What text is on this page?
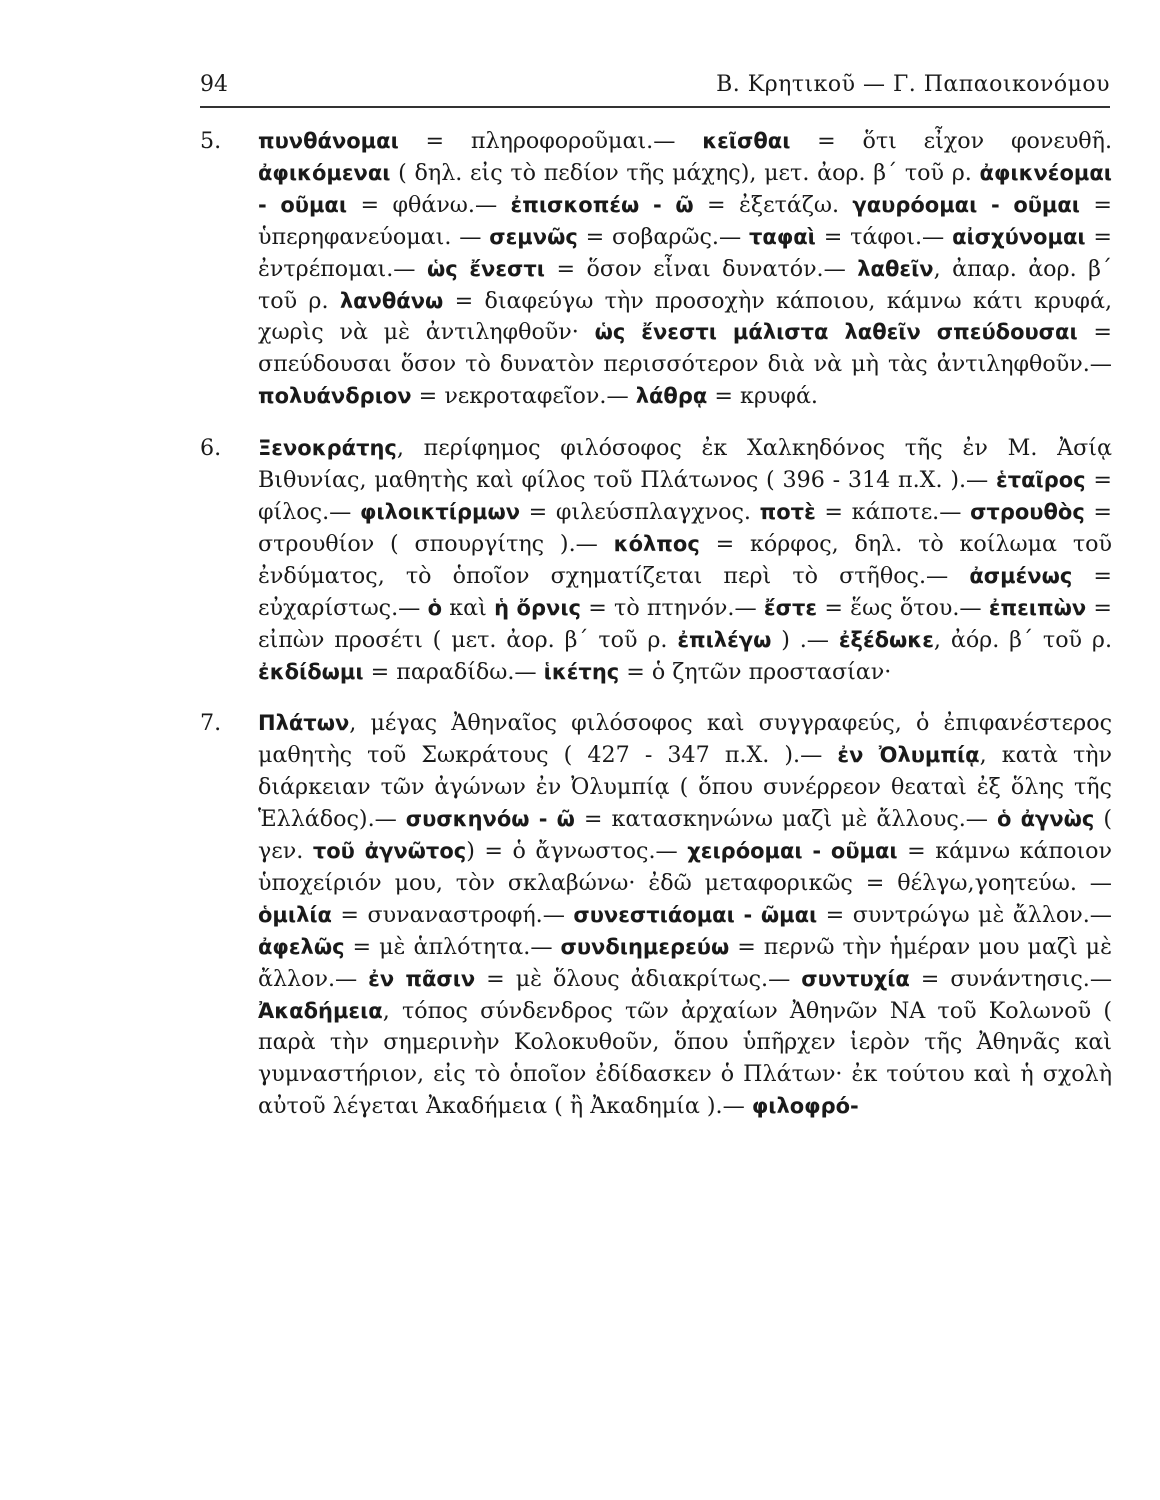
94	Β. Κρητικοῦ — Γ. Παπαοικονόμου
5.	πυνθάνομαι = πληροφοροῦμαι.— κεῖσθαι = ὅτι εἶχον φονευθῆ. ἀφικόμεναι ( δηλ. εἰς τὸ πεδίον τῆς μάχης), μετ. ἀορ. β΄ τοῦ ρ. ἀφικνέομαι - οῦμαι = φθάνω.— ἐπισκοπέω - ῶ = ἐξετάζω. γαυρόομαι - οῦμαι = ὑπερηφανεύομαι. — σεμνῶς = σοβαρῶς.— ταφαὶ = τάφοι.— αἰσχύνομαι = ἐντρέπομαι.— ὡς ἔνεστι = ὅσον εἶναι δυνατόν.— λαθεῖν, ἀπαρ. ἀορ. β΄ τοῦ ρ. λανθάνω = διαφεύγω τὴν προσοχὴν κάποιου, κάμνω κάτι κρυφά, χωρὶς νὰ μὲ ἀντιληφθοῦν· ὡς ἔνεστι μάλιστα λαθεῖν σπεύδουσαι = σπεύδουσαι ὅσον τὸ δυνατὸν περισσότερον διὰ νὰ μὴ τὰς ἀντιληφθοῦν.— πολυάνδριον = νεκροταφεῖον.— λάθρᾳ = κρυφά.
6.	Ξενοκράτης, περίφημος φιλόσοφος ἐκ Χαλκηδόνος τῆς ἐν Μ. Ἀσίᾳ Βιθυνίας, μαθητὴς καὶ φίλος τοῦ Πλάτωνος ( 396 - 314 π.Χ. ).— ἑταῖρος = φίλος.— φιλοικτίρμων = φιλεύσπλαγχνος. ποτὲ = κάποτε.— στρουθὸς = στρουθίον ( σπουργίτης ).— κόλπος = κόρφος, δηλ. τὸ κοίλωμα τοῦ ἐνδύματος, τὸ ὁποῖον σχηματίζεται περὶ τὸ στῆθος.— ἀσμένως = εὐχαρίστως.— ὁ καὶ ἡ ὄρνις = τὸ πτηνόν.— ἔστε = ἕως ὅτου.— ἐπειπὼν = εἰπὼν προσέτι ( μετ. ἀορ. β΄ τοῦ ρ. ἐπιλέγω ) .— ἐξέδωκε, ἀόρ. β΄ τοῦ ρ. ἐκδίδωμι = παραδίδω.— ἱκέτης = ὁ ζητῶν προστασίαν·
7.	Πλάτων, μέγας Ἀθηναῖος φιλόσοφος καὶ συγγραφεύς, ὁ ἐπιφανέστερος μαθητὴς τοῦ Σωκράτους ( 427 - 347 π.Χ. ).— ἐν Ὀλυμπίᾳ, κατὰ τὴν διάρκειαν τῶν ἀγώνων ἐν Ὀλυμπίᾳ ( ὅπου συνέρρεον θεαταὶ ἐξ ὅλης τῆς Ἑλλάδος).— συσκηνόω - ῶ = κατασκηνώνω μαζὶ μὲ ἄλλους.— ὁ ἀγνὼς ( γεν. τοῦ ἀγνῶτος) = ὁ ἄγνωστος.— χειρόομαι - οῦμαι = κάμνω κάποιον ὑποχείριόν μου, τὸν σκλαβώνω· ἐδῶ μεταφορικῶς = θέλγω,γοητεύω. — ὁμιλία = συναναστροφή.— συνεστιάομαι - ῶμαι = συντρώγω μὲ ἄλλον.— ἀφελῶς = μὲ ἁπλότητα.— συνδιημερεύω = περνῶ τὴν ἡμέραν μου μαζὶ μὲ ἄλλον.— ἐν πᾶσιν = μὲ ὅλους ἀδιακρίτως.— συντυχία = συνάντησις.— Ἀκαδήμεια, τόπος σύνδενδρος τῶν ἀρχαίων Ἀθηνῶν ΝΑ τοῦ Κολωνοῦ ( παρὰ τὴν σημερινὴν Κολοκυθοῦν, ὅπου ὑπῆρχεν ἱερὸν τῆς Ἀθηνᾶς καὶ γυμναστήριον, εἰς τὸ ὁποῖον ἐδίδασκεν ὁ Πλάτων· ἐκ τούτου καὶ ἡ σχολὴ αὐτοῦ λέγεται Ἀκαδήμεια ( ἢ Ἀκαδημία ).— φιλοφρό-
